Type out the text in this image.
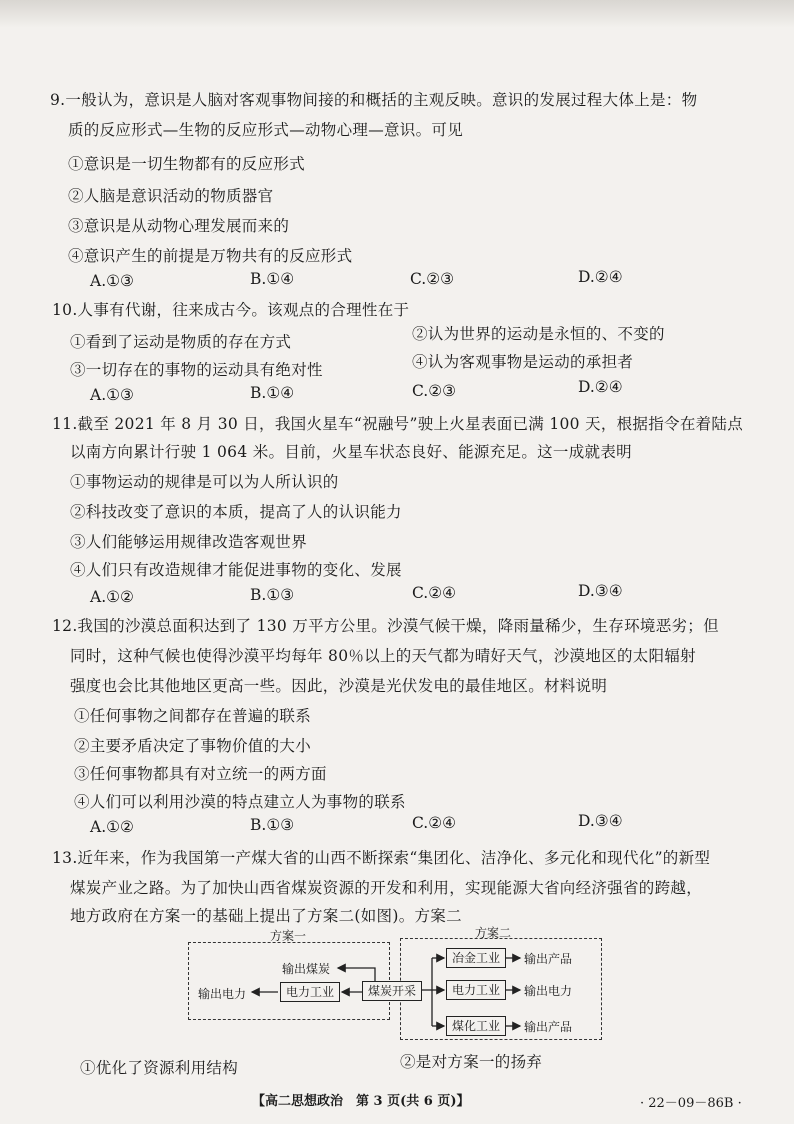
9.一般认为，意识是人脑对客观事物间接的和概括的主观反映。意识的发展过程大体上是：物
质的反应形式—生物的反应形式—动物心理—意识。可见
①意识是一切生物都有的反应形式
②人脑是意识活动的物质器官
③意识是从动物心理发展而来的
④意识产生的前提是万物共有的反应形式
A.①③	B.①④	C.②③	D.②④
10.人事有代谢，往来成古今。该观点的合理性在于
①看到了运动是物质的存在方式	②认为世界的运动是永恒的、不变的
③一切存在的事物的运动具有绝对性	④认为客观事物是运动的承担者
A.①③	B.①④	C.②③	D.②④
11.截至 2021 年 8 月 30 日，我国火星车“祝融号”驶上火星表面已满 100 天，根据指令在着陆点
以南方向累计行驶 1 064 米。目前，火星车状态良好、能源充足。这一成就表明
①事物运动的规律是可以为人所认识的
②科技改变了意识的本质，提高了人的认识能力
③人们能够运用规律改造客观世界
④人们只有改造规律才能促进事物的变化、发展
A.①②	B.①③	C.②④	D.③④
12.我国的沙漠总面积达到了 130 万平方公里。沙漠气候干燥，降雨量稀少，生存环境恶劣；但
同时，这种气候也使得沙漠平均每年 80％以上的天气都为晴好天气，沙漠地区的太阳辐射
强度也会比其他地区更高一些。因此，沙漠是光伏发电的最佳地区。材料说明
①任何事物之间都存在普遍的联系
②主要矛盾决定了事物价值的大小
③任何事物都具有对立统一的两方面
④人们可以利用沙漠的特点建立人为事物的联系
A.①②	B.①③	C.②④	D.③④
13.近年来，作为我国第一产煤大省的山西不断探索“集团化、洁净化、多元化和现代化”的新型
煤炭产业之路。为了加快山西省煤炭资源的开发和利用，实现能源大省向经济强省的跨越，
地方政府在方案一的基础上提出了方案二(如图)。方案二
方案一	方案二
输出煤炭
输出电力	电力工业	煤炭开采
冶金工业
电力工业
煤化工业
输出产品
输出电力
输出产品
①优化了资源利用结构	②是对方案一的扬弃
【高二思想政治　第 3 页(共 6 页)】	· 22－09－86B ·
